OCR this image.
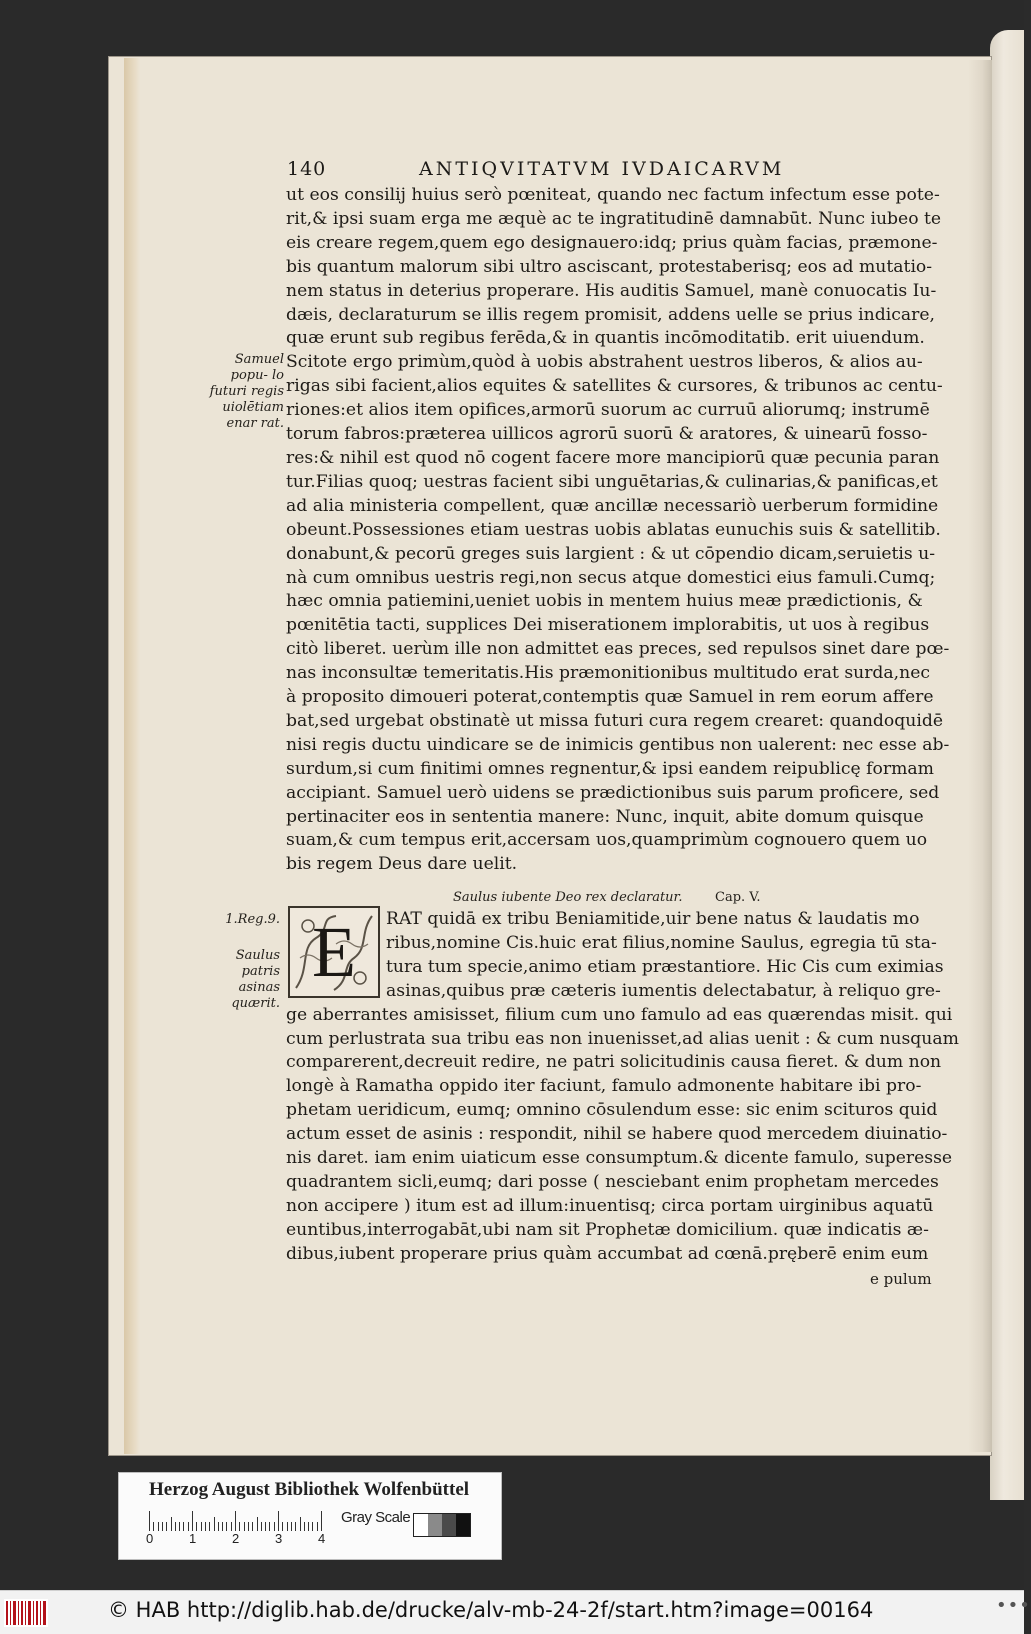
140	ANTIQVITATVM IVDAICARVM
ut eos consilij huius serò pœniteat, quando nec factum infectum esse pote-
rit,& ipsi suam erga me æquè ac te ingratitudinē damnabūt. Nunc iubeo te
eis creare regem,quem ego designauero:idq; prius quàm facias, præmone-
bis quantum malorum sibi ultro asciscant, protestaberisq; eos ad mutatio-
nem status in deterius properare. His auditis Samuel, manè conuocatis Iu-
dæis, declaraturum se illis regem promisit, addens uelle se prius indicare,
quæ erunt sub regibus ferēda,& in quantis incōmoditatib. erit uiuendum.
Scitote ergo primùm,quòd à uobis abstrahent uestros liberos, & alios au-
rigas sibi facient,alios equites & satellites & cursores, & tribunos ac centu-
riones:et alios item opifices,armorū suorum ac curruū aliorumq; instrumē
torum fabros:præterea uillicos agrorū suorū & aratores, & uinearū fosso-
res:& nihil est quod nō cogent facere more mancipiorū quæ pecunia paran
tur.Filias quoq; uestras facient sibi unguētarias,& culinarias,& panificas,et
ad alia ministeria compellent, quæ ancillæ necessariò uerberum formidine
obeunt.Possessiones etiam uestras uobis ablatas eunuchis suis & satellitib.
donabunt,& pecorū greges suis largient : & ut cōpendio dicam,seruietis u-
nà cum omnibus uestris regi,non secus atque domestici eius famuli.Cumq;
hæc omnia patiemini,ueniet uobis in mentem huius meæ prædictionis, &
pœnitētia tacti, supplices Dei miserationem implorabitis, ut uos à regibus
citò liberet. uerùm ille non admittet eas preces, sed repulsos sinet dare pœ-
nas inconsultæ temeritatis.His præmonitionibus multitudo erat surda,nec
à proposito dimoueri poterat,contemptis quæ Samuel in rem eorum affere
bat,sed urgebat obstinatè ut missa futuri cura regem crearet: quandoquidē
nisi regis ductu uindicare se de inimicis gentibus non ualerent: nec esse ab-
surdum,si cum finitimi omnes regnentur,& ipsi eandem reipublicę formam
accipiant. Samuel uerò uidens se prædictionibus suis parum proficere, sed
pertinaciter eos in sententia manere: Nunc, inquit, abite domum quisque
suam,& cum tempus erit,accersam uos,quamprimùm cognouero quem uo
bis regem Deus dare uelit.
Samuel popu- lo futuri regis uiolētiam enar rat.
1.Reg.9.
Saulus patris asinas quærit.
Saulus iubente Deo rex declaratur.	Cap. V.
E	RAT quidā ex tribu Beniamitide,uir bene natus & laudatis mo
ribus,nomine Cis.huic erat filius,nomine Saulus, egregia tū sta-
tura tum specie,animo etiam præstantiore. Hic Cis cum eximias
asinas,quibus præ cæteris iumentis delectabatur, à reliquo gre-
ge aberrantes amisisset, filium cum uno famulo ad eas quærendas misit. qui
cum perlustrata sua tribu eas non inuenisset,ad alias uenit : & cum nusquam
comparerent,decreuit redire, ne patri solicitudinis causa fieret. & dum non
longè à Ramatha oppido iter faciunt, famulo admonente habitare ibi pro-
phetam ueridicum, eumq; omnino cōsulendum esse: sic enim scituros quid
actum esset de asinis : respondit, nihil se habere quod mercedem diuinatio-
nis daret. iam enim uiaticum esse consumptum.& dicente famulo, superesse
quadrantem sicli,eumq; dari posse ( nesciebant enim prophetam mercedes
non accipere ) itum est ad illum:inuentisq; circa portam uirginibus aquatū
euntibus,interrogabāt,ubi nam sit Prophetæ domicilium. quæ indicatis æ-
dibus,iubent properare prius quàm accumbat ad cœnā.pręberē enim eum
e pulum
Herzog August Bibliothek Wolfenbüttel
0	1	2	3	4
Gray Scale
© HAB http://diglib.hab.de/drucke/alv-mb-24-2f/start.htm?image=00164	•••
